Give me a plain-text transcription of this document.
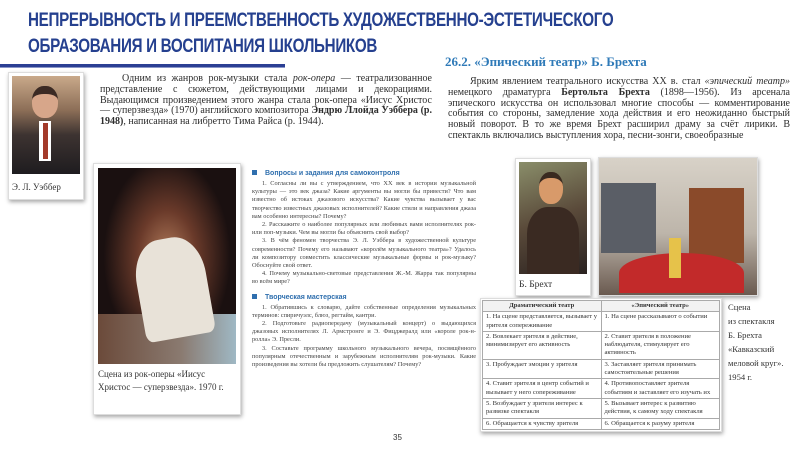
НЕПРЕРЫВНОСТЬ И ПРЕЕМСТВЕННОСТЬ ХУДОЖЕСТВЕННО-ЭСТЕТИЧЕСКОГО
ОБРАЗОВАНИЯ И ВОСПИТАНИЯ ШКОЛЬНИКОВ
Э. Л. Уэббер
Одним из жанров рок-музыки стала рок-опера — театрализованное представление с сюжетом, действующими лицами и декорациями. Выдающимся произведением этого жанра стала рок-опера «Иисус Христос — суперзвезда» (1970) английского композитора Эндрю Ллойда Уэббера (р. 1948), написанная на либретто Тима Райса (р. 1944).
Сцена из рок-оперы «Иисус Христос — суперзвезда». 1970 г.
Вопросы и задания для самоконтроля
1. Согласны ли вы с утверждением, что XX век в истории музыкальной культуры — это век джаза? Какие аргументы вы могли бы привести? Что вам известно об истоках джазового искусства? Какие чувства вызывает у вас творчество известных джазовых исполнителей? Какие стили и направления джаза вам особенно интересны? Почему?
2. Расскажите о наиболее популярных или любимых вами исполнителях рок- или поп-музыки. Чем вы могли бы объяснить свой выбор?
3. В чём феномен творчества Э. Л. Уэббера в художественной культуре современности? Почему его называют «королём музыкального театра»? Удалось ли композитору совместить классические музыкальные формы и рок-музыку? Обоснуйте свой ответ.
4. Почему музыкально-световые представления Ж.-М. Жарра так популярны во всём мире?
Творческая мастерская
1. Обратившись к словарю, дайте собственные определения музыкальных терминов: спиричуэлс, блюз, регтайм, кантри.
2. Подготовьте радиопередачу (музыкальный концерт) о выдающихся джазовых исполнителях Л. Армстронге и Э. Фицджералд или «короле рок-н-ролла» Э. Пресли.
3. Составьте программу школьного музыкального вечера, посвящённого популярным отечественным и зарубежным исполнителям рок-музыки. Какие произведения вы хотели бы предложить слушателям? Почему?
35
26.2. «Эпический театр» Б. Брехта
Ярким явлением театрального искусства XX в. стал «эпический театр» немецкого драматурга Бертольта Брехта (1898—1956). Из арсенала эпического искусства он использовал многие способы — комментирование события со стороны, замедление хода действия и его неожиданно быстрый новый поворот. В то же время Брехт расширил драму за счёт лирики. В спектакль включались выступления хора, песни-зонги, своеобразные
Б. Брехт
Сцена
из спектакля
Б. Брехта
«Кавказский
меловой круг».
1954 г.
Драматический театр	«Эпический театр»
1. На сцене представляется, вызывает у зрителя сопереживание	1. На сцене рассказывают о событии
2. Вовлекает зрителя в действие, минимизирует его активность	2. Ставит зрителя в положение наблюдателя, стимулирует его активность
3. Пробуждает эмоции у зрителя	3. Заставляет зрителя принимать самостоятельные решения
4. Ставит зрителя в центр событий и вызывает у него сопереживание	4. Противопоставляет зрителя событиям и заставляет его изучать их
5. Возбуждает у зрителя интерес к развязке спектакля	5. Вызывает интерес к развитию действия, к самому ходу спектакля
6. Обращается к чувству зрителя	6. Обращается к разуму зрителя
